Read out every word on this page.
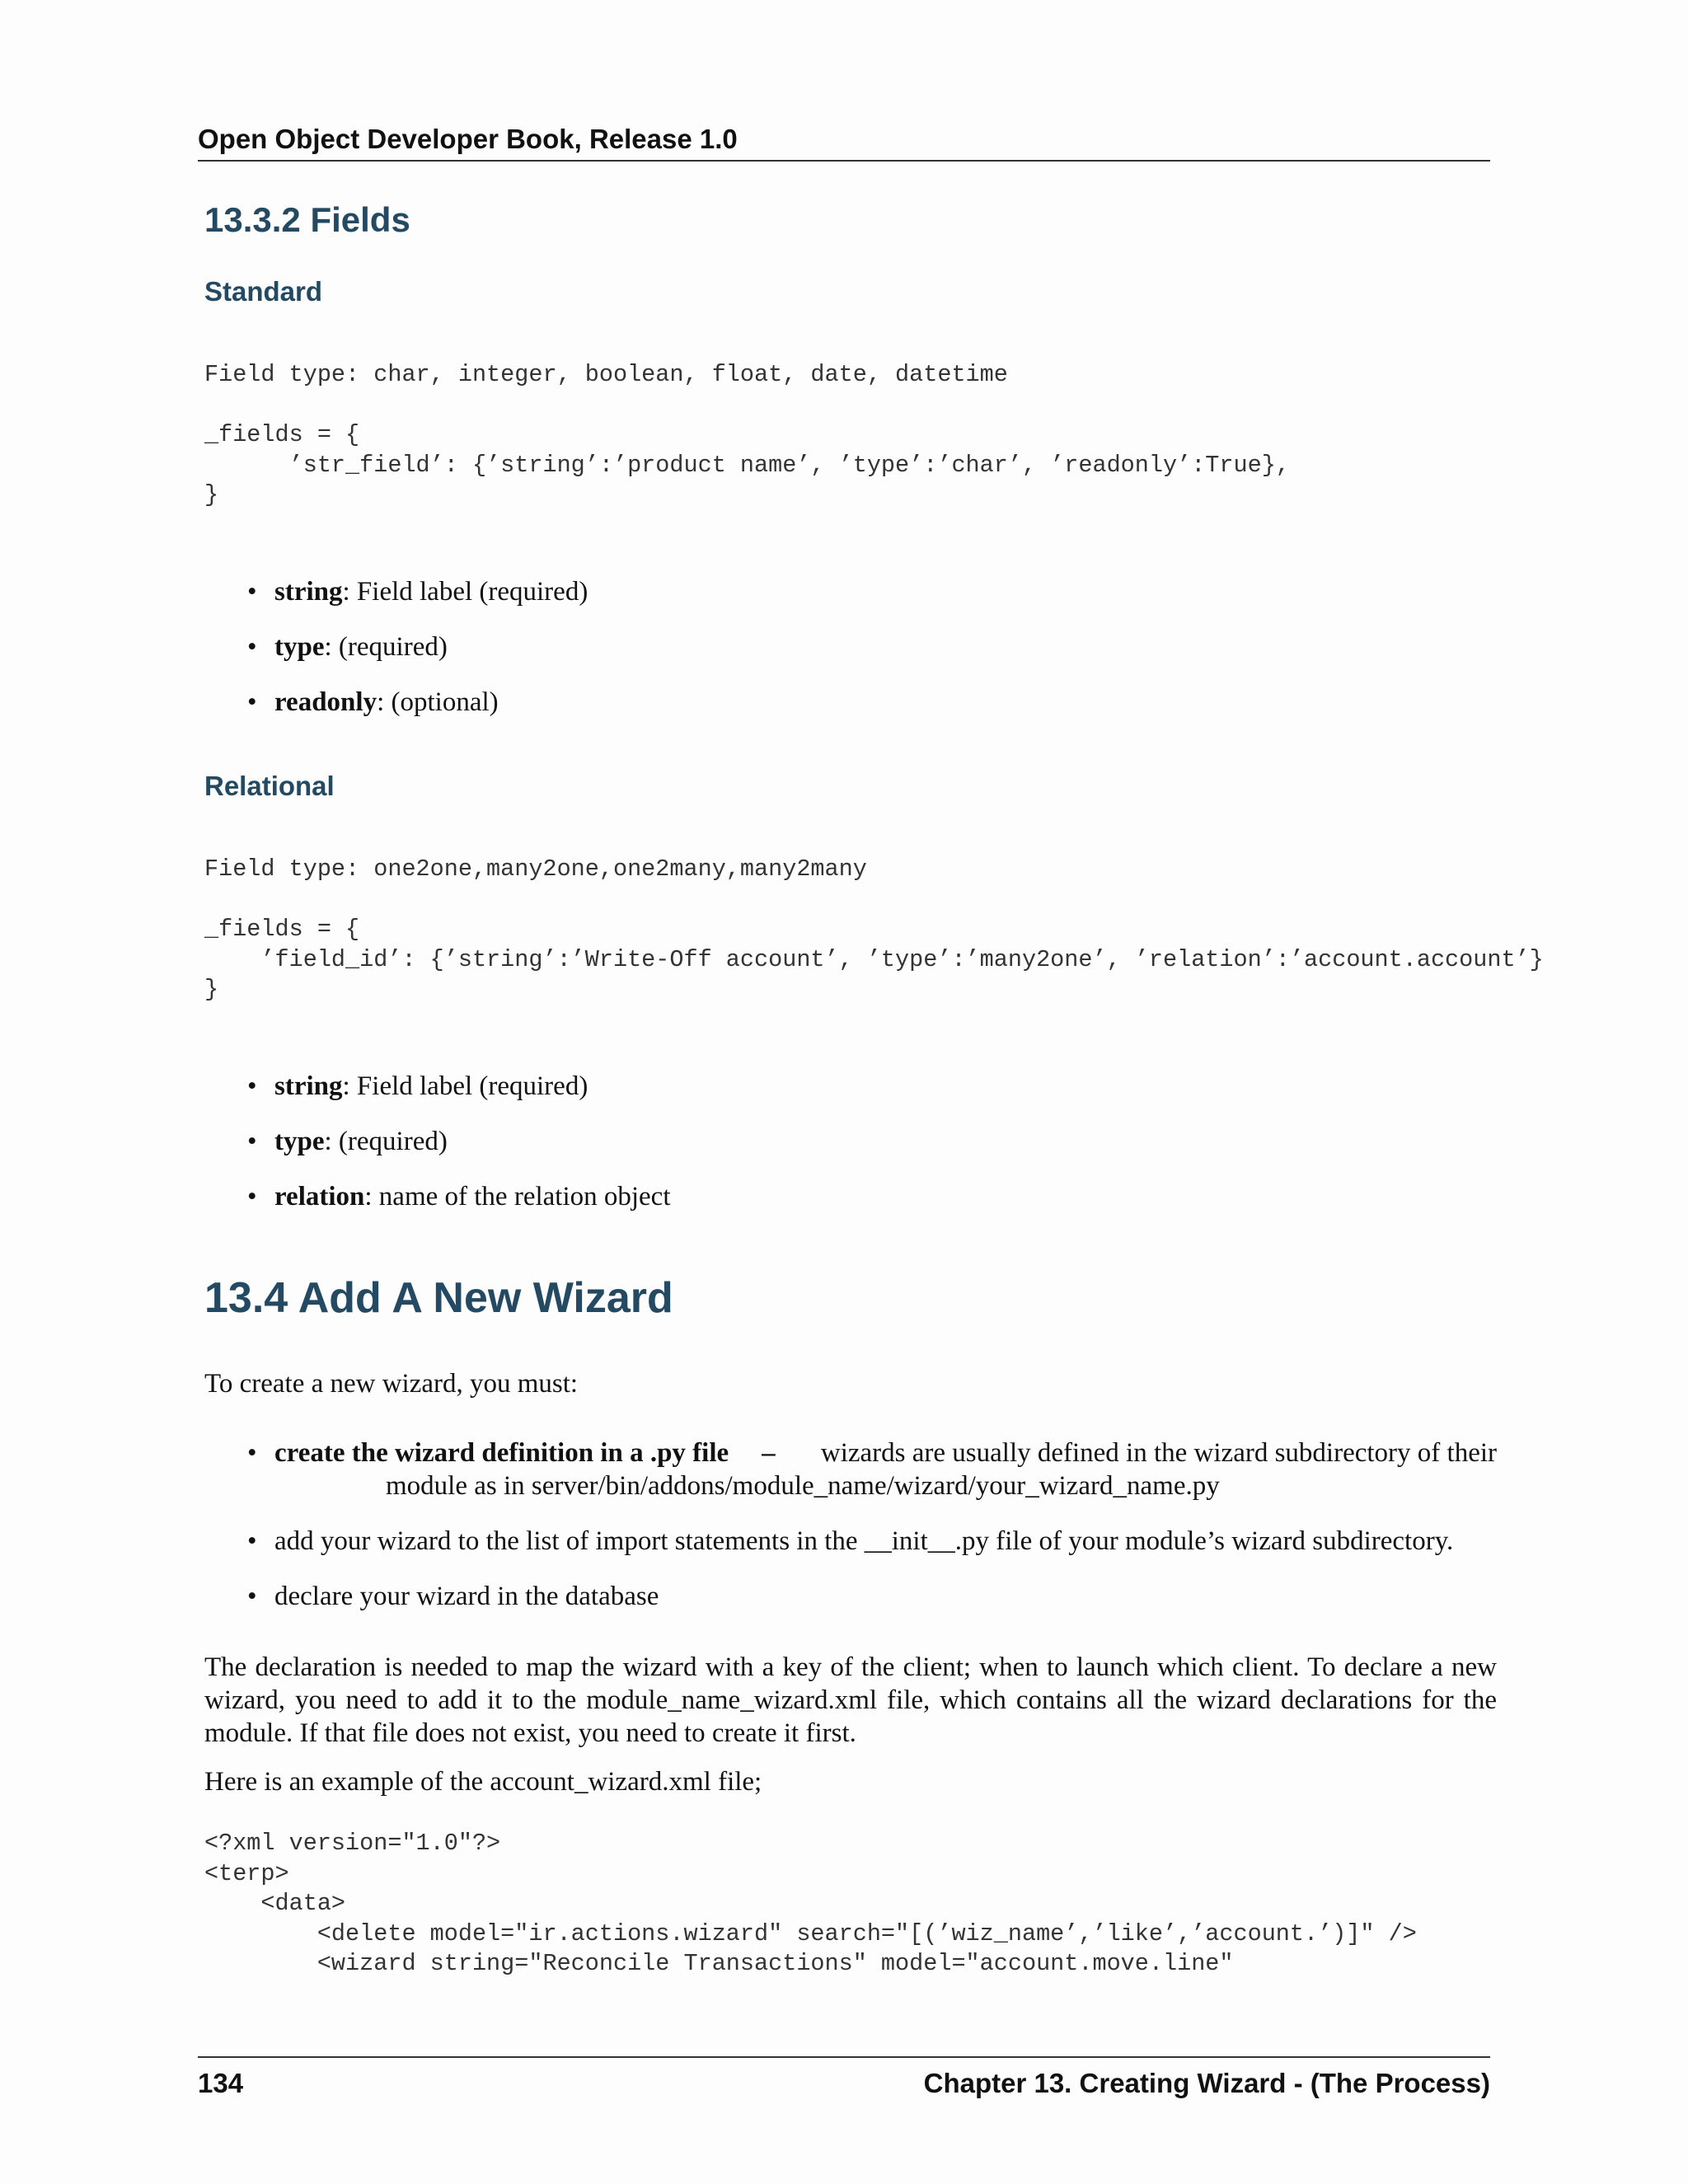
Open Object Developer Book, Release 1.0
13.3.2 Fields
Standard
Field type: char, integer, boolean, float, date, datetime

_fields = {
’str_field’: {’string’:’product name’, ’type’:’char’, ’readonly’:True},
}
• string: Field label (required)
• type: (required)
• readonly: (optional)
Relational
Field type: one2one,many2one,one2many,many2many

_fields = {
’field_id’: {’string’:’Write-Off account’, ’type’:’many2one’, ’relation’:’account.account’}
}
• string: Field label (required)
• type: (required)
• relation: name of the relation object
13.4 Add A New Wizard

To create a new wizard, you must:

• create the wizard definition in a .py file –	wizards are usually defined in the wizard subdirectory of their
module as in server/bin/addons/module_name/wizard/your_wizard_name.py
• add your wizard to the list of import statements in the __init__.py file of your module’s wizard subdirectory.
• declare your wizard in the database

The declaration is needed to map the wizard with a key of the client; when to launch which client. To declare a new wizard, you need to add it to the module_name_wizard.xml file, which contains all the wizard declarations for the module. If that file does not exist, you need to create it first.

Here is an example of the account_wizard.xml file;

<?xml version="1.0"?>
<terp>
<data>
<delete model="ir.actions.wizard" search="[(’wiz_name’,’like’,’account.’)]" />
<wizard string="Reconcile Transactions" model="account.move.line"
134	Chapter 13. Creating Wizard - (The Process)
